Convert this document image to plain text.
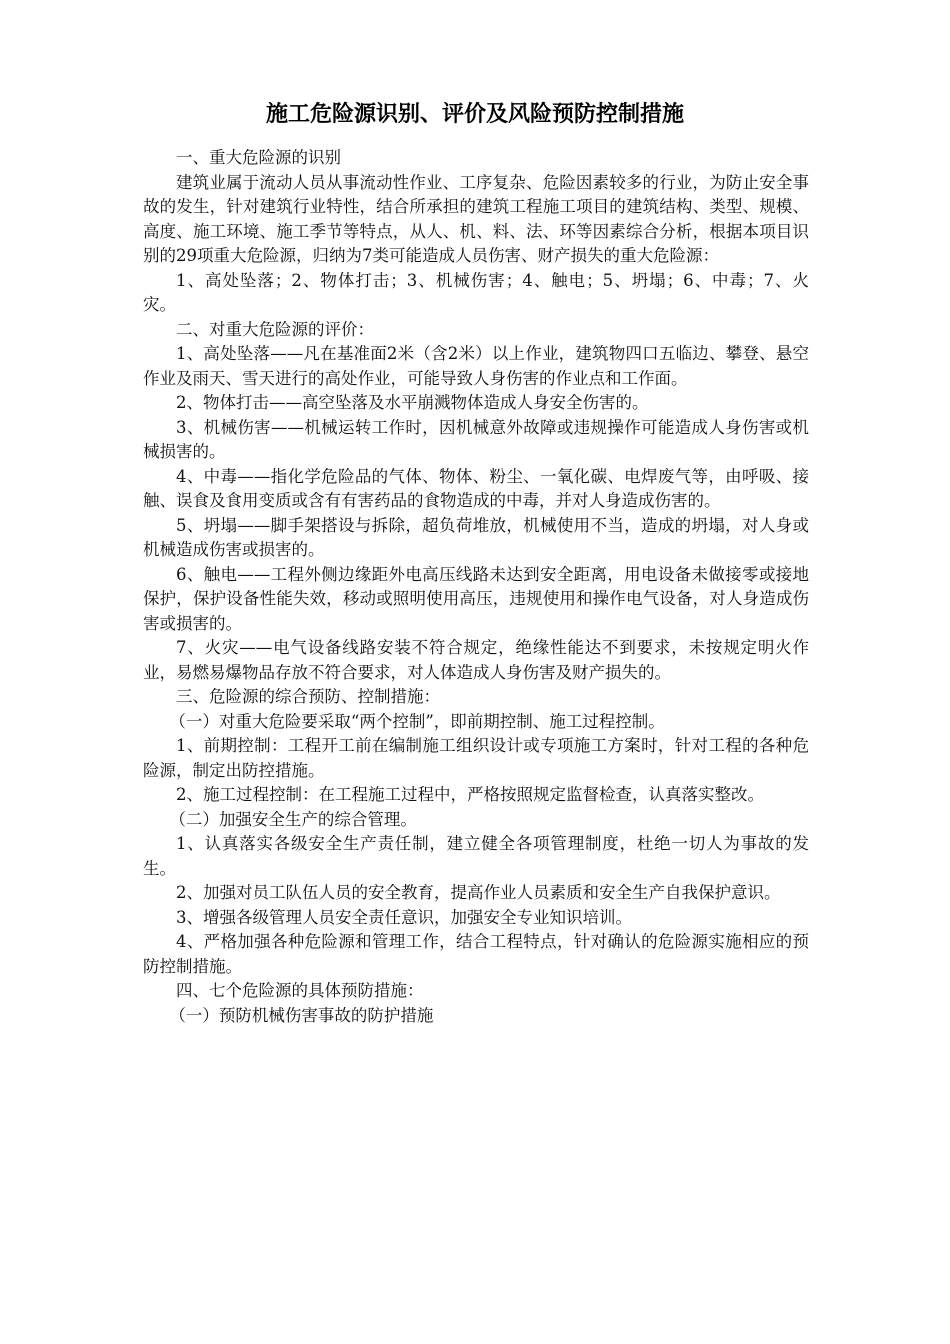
施工危险源识别、评价及风险预防控制措施

一、重大危险源的识别

建筑业属于流动人员从事流动性作业、工序复杂、危险因素较多的行业，为防止安全事故的发生，针对建筑行业特性，结合所承担的建筑工程施工项目的建筑结构、类型、规模、高度、施工环境、施工季节等特点，从人、机、料、法、环等因素综合分析，根据本项目识别的29项重大危险源，归纳为7类可能造成人员伤害、财产损失的重大危险源：

1、高处坠落；2、物体打击；3、机械伤害；4、触电；5、坍塌；6、中毒；7、火灾。

二、对重大危险源的评价：

1、高处坠落——凡在基准面2米（含2米）以上作业，建筑物四口五临边、攀登、悬空作业及雨天、雪天进行的高处作业，可能导致人身伤害的作业点和工作面。

2、物体打击——高空坠落及水平崩溅物体造成人身安全伤害的。

3、机械伤害——机械运转工作时，因机械意外故障或违规操作可能造成人身伤害或机械损害的。

4、中毒——指化学危险品的气体、物体、粉尘、一氧化碳、电焊废气等，由呼吸、接触、误食及食用变质或含有有害药品的食物造成的中毒，并对人身造成伤害的。

5、坍塌——脚手架搭设与拆除，超负荷堆放，机械使用不当，造成的坍塌，对人身或机械造成伤害或损害的。

6、触电——工程外侧边缘距外电高压线路未达到安全距离，用电设备未做接零或接地保护，保护设备性能失效，移动或照明使用高压，违规使用和操作电气设备，对人身造成伤害或损害的。

7、火灾——电气设备线路安装不符合规定，绝缘性能达不到要求，未按规定明火作业，易燃易爆物品存放不符合要求，对人体造成人身伤害及财产损失的。

三、危险源的综合预防、控制措施：

（一）对重大危险要采取“两个控制”，即前期控制、施工过程控制。

1、前期控制：工程开工前在编制施工组织设计或专项施工方案时，针对工程的各种危险源，制定出防控措施。

2、施工过程控制：在工程施工过程中，严格按照规定监督检查，认真落实整改。

（二）加强安全生产的综合管理。

1、认真落实各级安全生产责任制，建立健全各项管理制度，杜绝一切人为事故的发生。

2、加强对员工队伍人员的安全教育，提高作业人员素质和安全生产自我保护意识。

3、增强各级管理人员安全责任意识，加强安全专业知识培训。

4、严格加强各种危险源和管理工作，结合工程特点，针对确认的危险源实施相应的预防控制措施。

四、七个危险源的具体预防措施：

（一）预防机械伤害事故的防护措施
